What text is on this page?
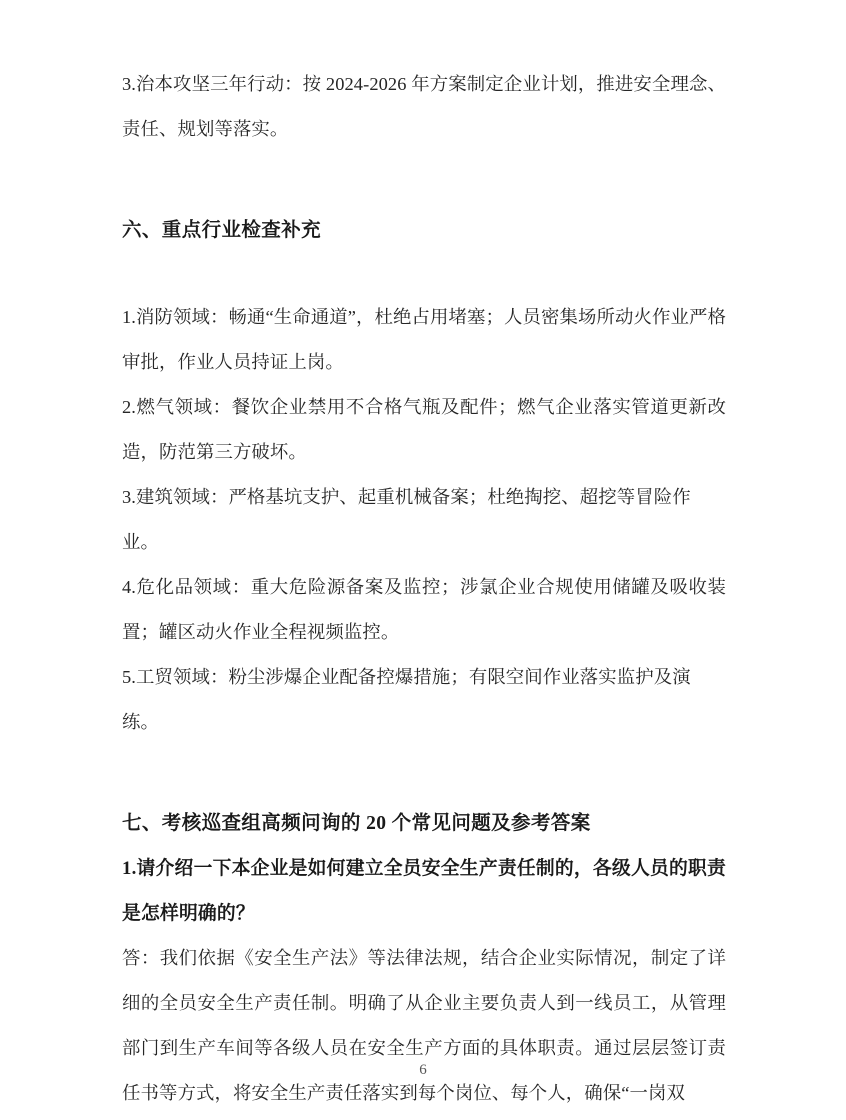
3.治本攻坚三年行动：按 2024-2026 年方案制定企业计划，推进安全理念、责任、规划等落实。

六、重点行业检查补充

1.消防领域：畅通“生命通道”，杜绝占用堵塞；人员密集场所动火作业严格审批，作业人员持证上岗。

2.燃气领域：餐饮企业禁用不合格气瓶及配件；燃气企业落实管道更新改造，防范第三方破坏。

3.建筑领域：严格基坑支护、起重机械备案；杜绝掏挖、超挖等冒险作业。

4.危化品领域：重大危险源备案及监控；涉氯企业合规使用储罐及吸收装置；罐区动火作业全程视频监控。

5.工贸领域：粉尘涉爆企业配备控爆措施；有限空间作业落实监护及演练。

七、考核巡查组高频问询的 20 个常见问题及参考答案

1.请介绍一下本企业是如何建立全员安全生产责任制的，各级人员的职责是怎样明确的？

答：我们依据《安全生产法》等法律法规，结合企业实际情况，制定了详细的全员安全生产责任制。明确了从企业主要负责人到一线员工，从管理部门到生产车间等各级人员在安全生产方面的具体职责。通过层层签订责任书等方式，将安全生产责任落实到每个岗位、每个人，确保“一岗双

6
